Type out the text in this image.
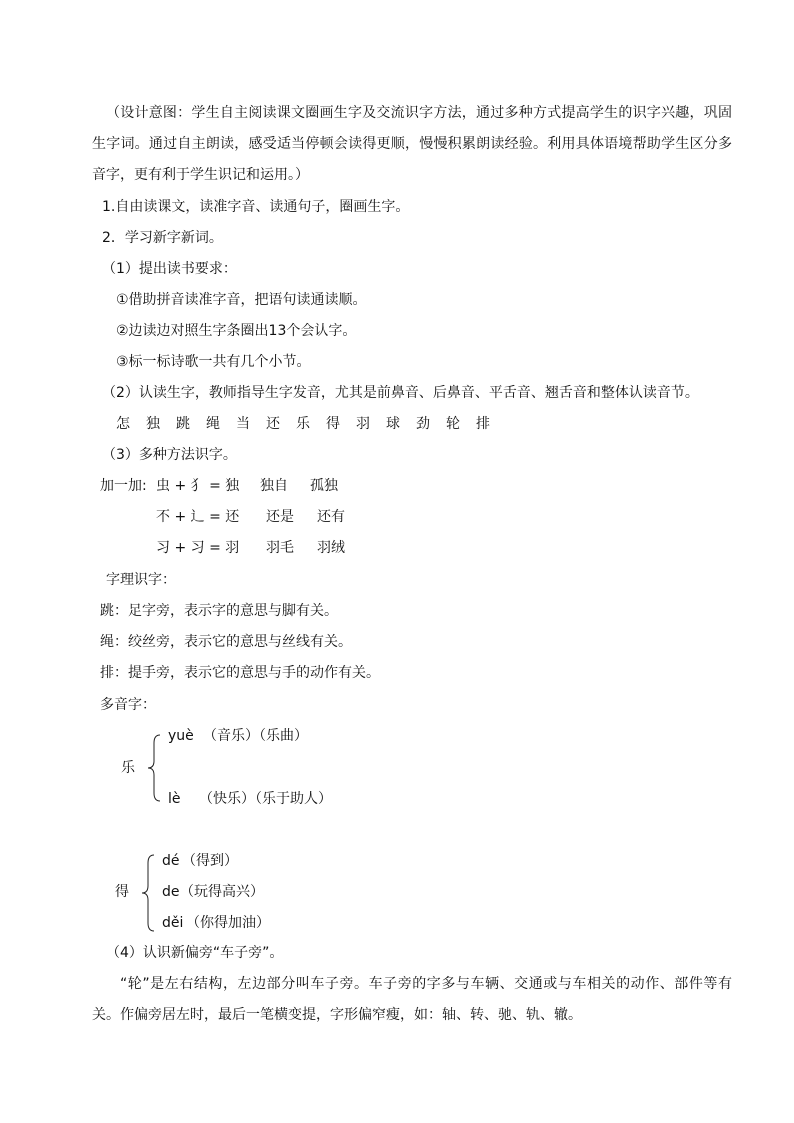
（设计意图：学生自主阅读课文圈画生字及交流识字方法，通过多种方式提高学生的识字兴趣，巩固生字词。通过自主朗读，感受适当停顿会读得更顺，慢慢积累朗读经验。利用具体语境帮助学生区分多音字，更有利于学生识记和运用。）

1.自由读课文，读准字音、读通句子，圈画生字。
2．学习新字新词。
（1）提出读书要求：
①借助拼音读准字音，把语句读通读顺。
②边读边对照生字条圈出13个会认字。
③标一标诗歌一共有几个小节。
（2）认读生字，教师指导生字发音，尤其是前鼻音、后鼻音、平舌音、翘舌音和整体认读音节。
怎 独 跳 绳 当 还 乐 得 羽 球 劲 轮 排
（3）多种方法识字。
加一加: 虫 + 犭 = 独 独自 孤独
不 + 辶 = 还 还是 还有
习 + 习 = 羽 羽毛 羽绒
字理识字：
跳：足字旁，表示字的意思与脚有关。
绳：绞丝旁，表示它的意思与丝线有关。
排：提手旁，表示它的意思与手的动作有关。
多音字：
乐
yuè （音乐）（乐曲）
lè （快乐）（乐于助人）
得
dé （得到）
de （玩得高兴）
děi （你得加油）
（4）认识新偏旁“车子旁”。

“轮”是左右结构，左边部分叫车子旁。车子旁的字多与车辆、交通或与车相关的动作、部件等有关。作偏旁居左时，最后一笔横变提，字形偏窄瘦，如：轴、转、驰、轨、辙。
